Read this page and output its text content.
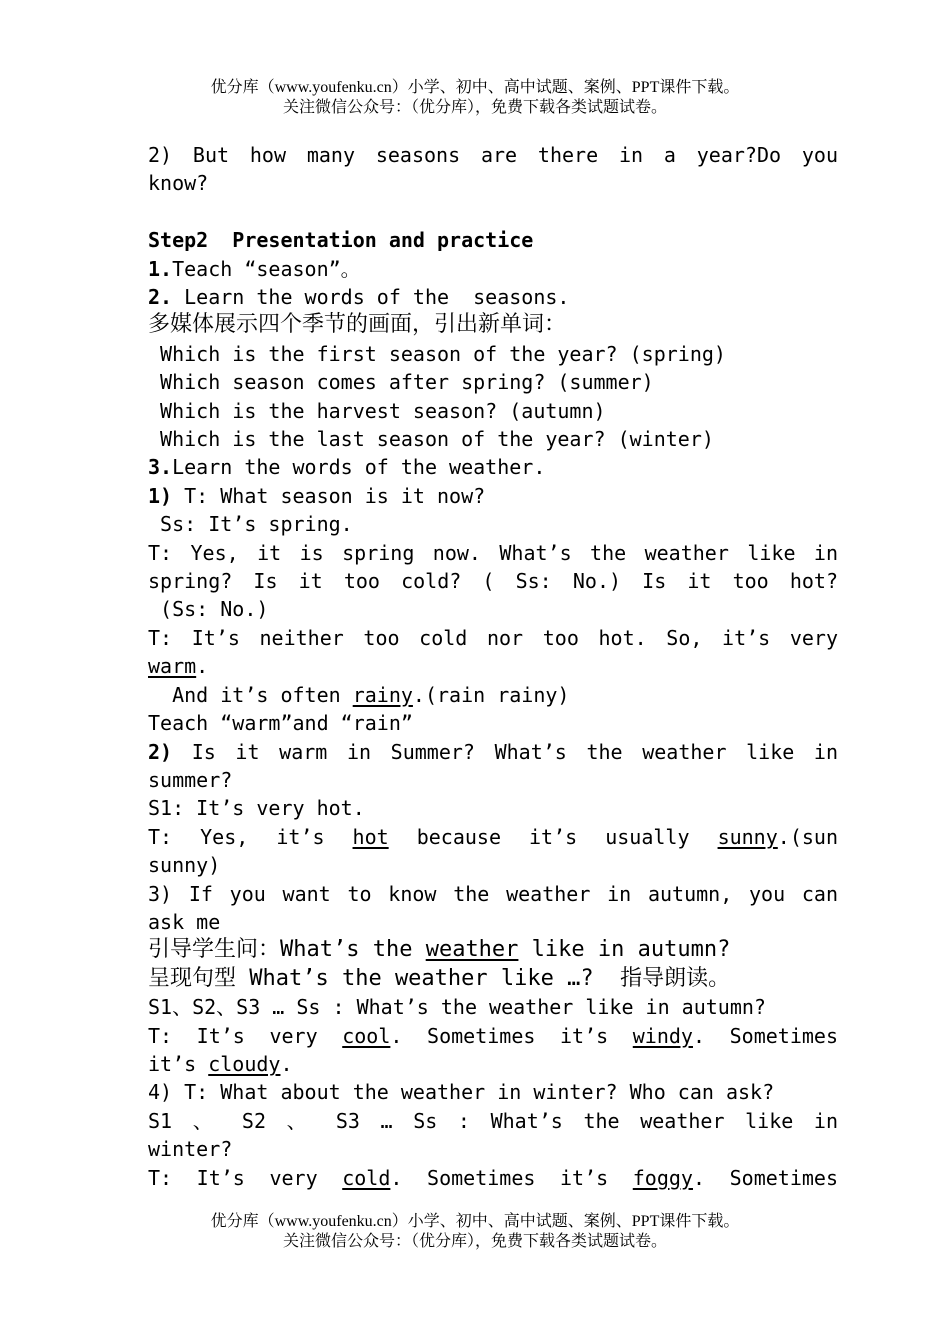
优分库（www.youfenku.cn）小学、初中、高中试题、案例、PPT课件下载。
关注微信公众号：（优分库），免费下载各类试题试卷。
2) But how many seasons are there in a year?Do you
know?
Step2  Presentation and practice
1.Teach “season”。
2. Learn the words of the  seasons.
多媒体展示四个季节的画面，引出新单词：
Which is the first season of the year? (spring)
Which season comes after spring? (summer)
Which is the harvest season? (autumn)
Which is the last season of the year? (winter)
3.Learn the words of the weather.
1) T: What season is it now?
Ss: It’s spring.
T: Yes, it is spring now. What’s the weather like in
spring? Is it too cold? ( Ss: No.) Is it too hot?
(Ss: No.)
T: It’s neither too cold nor too hot. So, it’s very
warm.
And it’s often rainy.(rain rainy)
Teach “warm”and “rain”
2) Is it warm in Summer? What’s the weather like in
summer?
S1: It’s very hot.
T: Yes, it’s hot because it’s usually sunny.(sun
sunny)
3) If you want to know the weather in autumn, you can
ask me
引导学生问：What’s the weather like in autumn?
呈现句型 What’s the weather like …?  指导朗读。
S1、S2、S3 … Ss : What’s the weather like in autumn?
T: It’s very cool. Sometimes it’s windy. Sometimes
it’s cloudy.
4) T: What about the weather in winter? Who can ask?
S1 、 S2 、 S3 … Ss : What’s the weather like in
winter?
T: It’s very cold. Sometimes it’s foggy. Sometimes
优分库（www.youfenku.cn）小学、初中、高中试题、案例、PPT课件下载。
关注微信公众号：（优分库），免费下载各类试题试卷。
